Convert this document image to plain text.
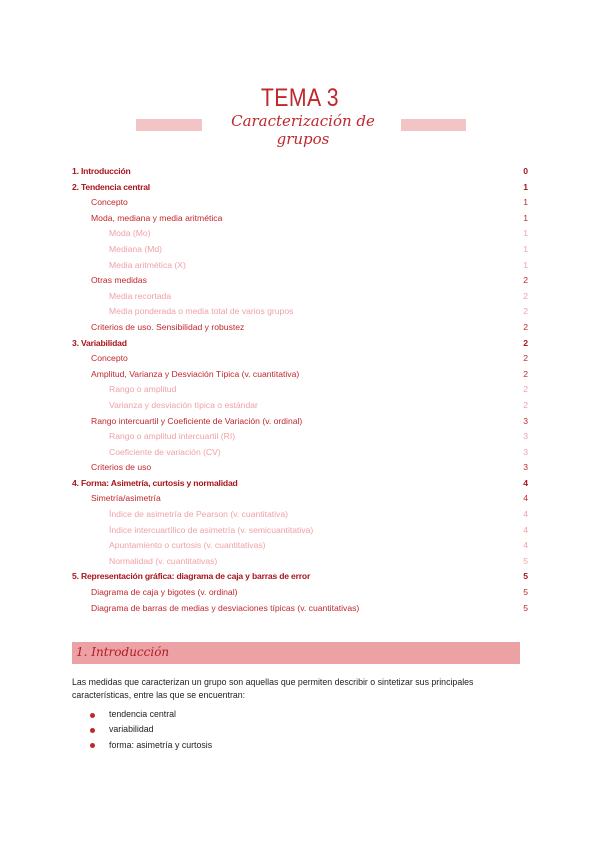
TEMA 3
Caracterización de grupos
1. Introducción	0
2. Tendencia central	1
Concepto	1
Moda, mediana y media aritmética	1
Moda (Mo)	1
Mediana (Md)	1
Media aritmética (X)	1
Otras medidas	2
Media recortada	2
Media ponderada o media total de varios grupos	2
Criterios de uso. Sensibilidad y robustez	2
3. Variabilidad	2
Concepto	2
Amplitud, Varianza y Desviación Típica (v. cuantitativa)	2
Rango o amplitud	2
Varianza y desviación típica o estándar	2
Rango intercuartil y Coeficiente de Variación (v. ordinal)	3
Rango o amplitud intercuartil (RI)	3
Coeficiente de variación (CV)	3
Criterios de uso	3
4. Forma: Asimetría, curtosis y normalidad	4
Simetría/asimetría	4
Índice de asimetría de Pearson (v. cuantitativa)	4
Índice intercuartílico de asimetría (v. semicuantitativa)	4
Apuntamiento o curtosis (v. cuantitativas)	4
Normalidad (v. cuantitativas)	5
5. Representación gráfica: diagrama de caja y barras de error	5
Diagrama de caja y bigotes (v. ordinal)	5
Diagrama de barras de medias y desviaciones típicas (v. cuantitativas)	5
1. Introducción
Las medidas que caracterizan un grupo son aquellas que permiten describir o sintetizar sus principales características, entre las que se encuentran:
tendencia central
variabilidad
forma: asimetría y curtosis
